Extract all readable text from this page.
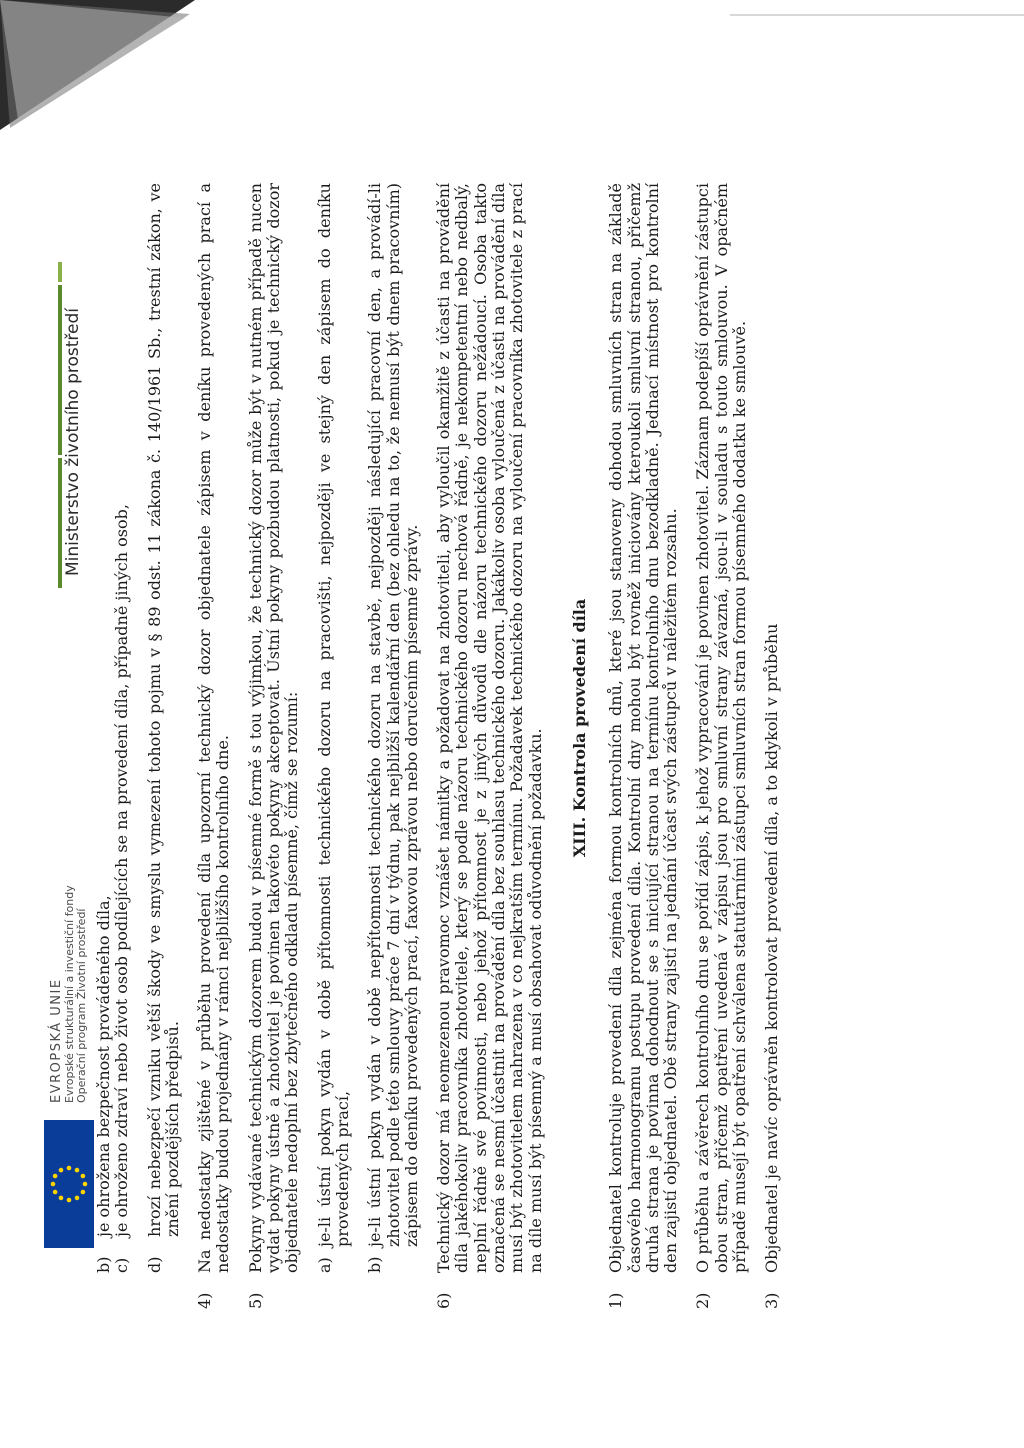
EVROPSKÁ UNIE Evropské strukturální a investiční fondy Operační program Životní prostředí
Ministerstvo životního prostředí
b)
je ohrožena bezpečnost prováděného díla,
c)
je ohroženo zdraví nebo život osob podílejících se na provedení díla, případně jiných osob,
d)
hrozí nebezpečí vzniku větší škody ve smyslu vymezení tohoto pojmu v § 89 odst. 11 zákona č. 140/1961 Sb., trestní zákon, ve znění pozdějších předpisů.
4)
Na nedostatky zjištěné v průběhu provedení díla upozorní technický dozor objednatele zápisem v deníku provedených prací a nedostatky budou projednány v rámci nejbližšího kontrolního dne.
5)
Pokyny vydávané technickým dozorem budou v písemné formě s tou výjimkou, že technický dozor může být v nutném případě nucen vydat pokyny ústně a zhotovitel je povinen takovéto pokyny akceptovat. Ústní pokyny pozbudou platnosti, pokud je technický dozor objednatele nedoplní bez zbytečného odkladu písemně, čímž se rozumí: a)
je-li ústní pokyn vydán v době přítomnosti technického dozoru na pracovišti, nejpozději ve stejný den zápisem do deníku provedených prací,
b)
je-li ústní pokyn vydán v době nepřítomnosti technického dozoru na stavbě, nejpozději následující pracovní den, a provádí-li zhotovitel podle této smlouvy práce 7 dní v týdnu, pak nejbližší kalendářní den (bez ohledu na to, že nemusí být dnem pracovním) zápisem do deníku provedených prací, faxovou zprávou nebo doručením písemné zprávy.
6)
Technický dozor má neomezenou pravomoc vznášet námitky a požadovat na zhotoviteli, aby vyloučil okamžitě z účasti na provádění díla jakéhokoliv pracovníka zhotovitele, který se podle názoru technického dozoru nechová řádně, je nekompetentní nebo nedbalý, neplní řádně své povinnosti, nebo jehož přítomnost je z jiných důvodů dle názoru technického dozoru nežádoucí. Osoba takto označená se nesmí účastnit na provádění díla bez souhlasu technického dozoru. Jakákoliv osoba vyloučená z účasti na provádění díla musí být zhotovitelem nahrazena v co nejkratším termínu. Požadavek technického dozoru na vyloučení pracovníka zhotovitele z prací na díle musí být písemný a musí obsahovat odůvodnění požadavku.
XIII. Kontrola provedení díla
1)
Objednatel kontroluje provedení díla zejména formou kontrolních dnů, které jsou stanoveny dohodou smluvních stran na základě časového harmonogramu postupu provedení díla. Kontrolní dny mohou být rovněž iniciovány kteroukoli smluvní stranou, přičemž druhá strana je povinna dohodnout se s iniciující stranou na termínu kontrolního dnu bezodkladně. Jednací místnost pro kontrolní den zajistí objednatel. Obě strany zajistí na jednání účast svých zástupců v náležitém rozsahu.
2)
O průběhu a závěrech kontrolního dnu se pořídí zápis, k jehož vypracování je povinen zhotovitel. Záznam podepíší oprávnění zástupci obou stran, přičemž opatření uvedená v zápisu jsou pro smluvní strany závazná, jsou-li v souladu s touto smlouvou. V opačném případě musejí být opatření schválena statutárními zástupci smluvních stran formou písemného dodatku ke smlouvě.
3)
Objednatel je navíc oprávněn kontrolovat provedení díla, a to kdykoli v průběhu
